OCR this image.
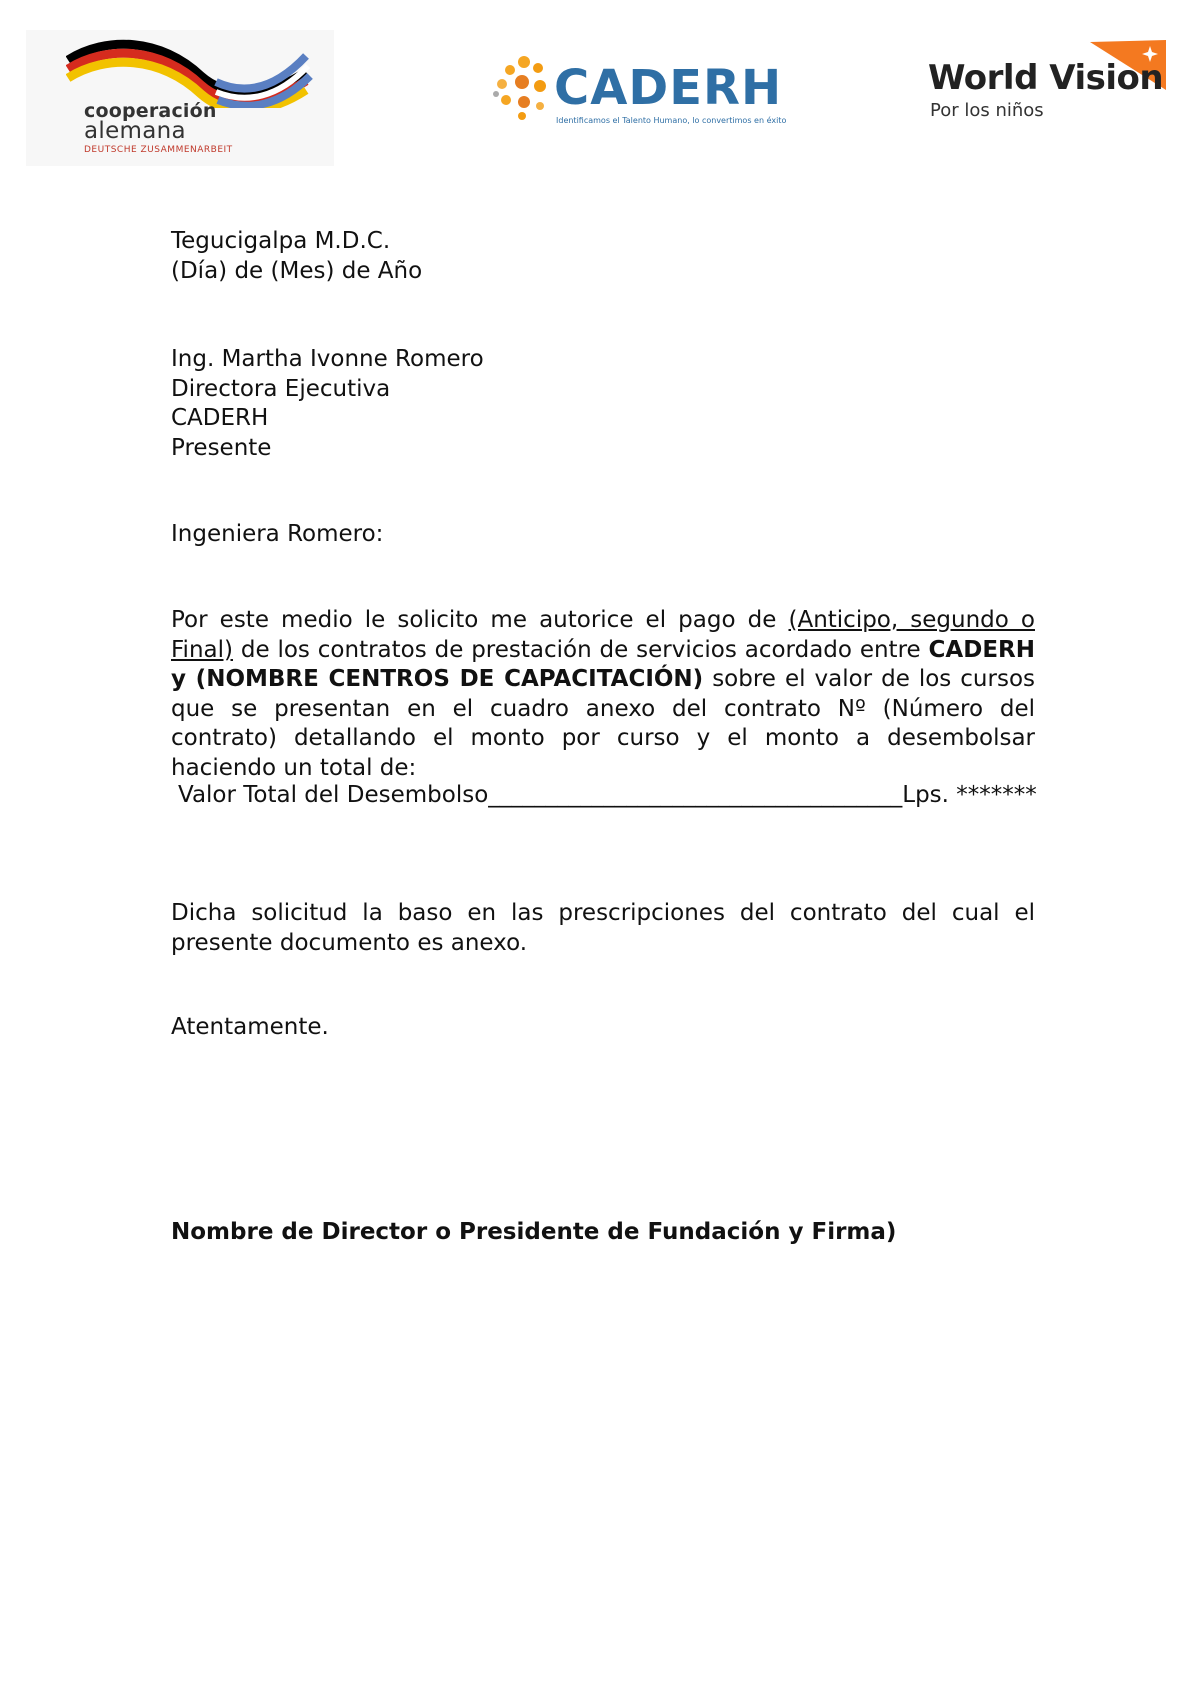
cooperación
alemana
DEUTSCHE ZUSAMMENARBEIT
CADERH
Identificamos el Talento Humano, lo convertimos en éxito
World Vision
Por los niños
Tegucigalpa M.D.C.
(Día) de (Mes) de Año
Ing. Martha Ivonne Romero
Directora Ejecutiva
CADERH
Presente
Ingeniera Romero:
Por este medio le solicito me autorice el pago de (Anticipo, segundo o Final) de los contratos de prestación de servicios acordado entre CADERH y (NOMBRE CENTROS DE CAPACITACIÓN) sobre el valor de los cursos que se presentan en el cuadro anexo del contrato Nº (Número del contrato) detallando el monto por curso y el monto a desembolsar haciendo un total de:
Valor Total del Desembolso____________________________________Lps. *******
Dicha solicitud la baso en las prescripciones del contrato del cual el presente documento es anexo.
Atentamente.
Nombre de Director o Presidente de Fundación y Firma)
